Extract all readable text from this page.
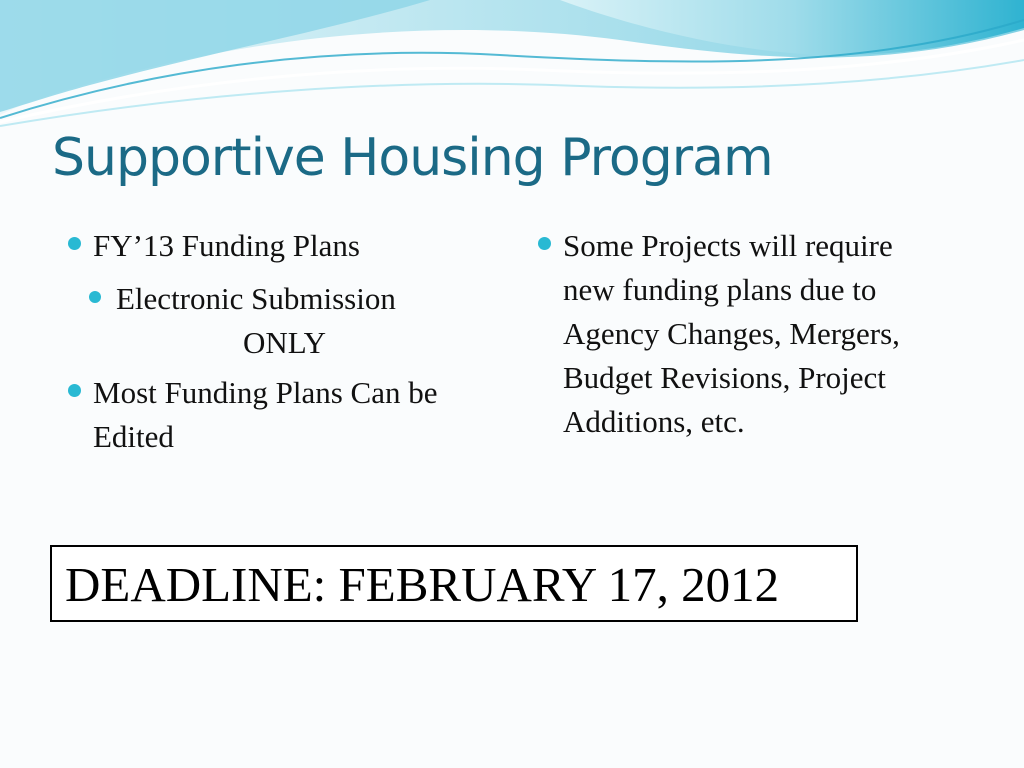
Supportive Housing Program
FY’13 Funding Plans
Electronic Submission
ONLY
Most Funding Plans Can be Edited
Some Projects will require new funding plans due to Agency Changes, Mergers, Budget Revisions, Project Additions, etc.
DEADLINE: FEBRUARY 17, 2012
